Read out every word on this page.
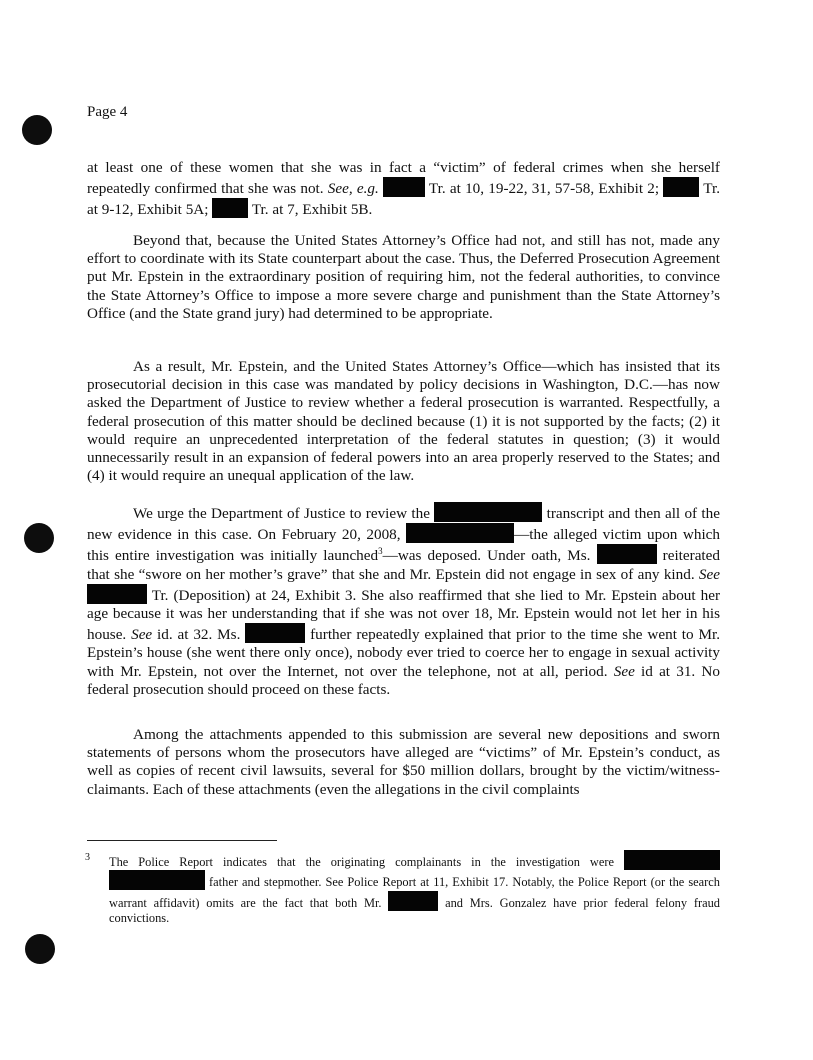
Page 4
at least one of these women that she was in fact a “victim” of federal crimes when she herself repeatedly confirmed that she was not. See, e.g.	Tr. at 10, 19-22, 31, 57-58, Exhibit 2;  Tr. at 9-12, Exhibit 5A;  Tr. at 7, Exhibit 5B.
Beyond that, because the United States Attorney’s Office had not, and still has not, made any effort to coordinate with its State counterpart about the case. Thus, the Deferred Prosecution Agreement put Mr. Epstein in the extraordinary position of requiring him, not the federal authorities, to convince the State Attorney’s Office to impose a more severe charge and punishment than the State Attorney’s Office (and the State grand jury) had determined to be appropriate.
As a result, Mr. Epstein, and the United States Attorney’s Office—which has insisted that its prosecutorial decision in this case was mandated by policy decisions in Washington, D.C.—has now asked the Department of Justice to review whether a federal prosecution is warranted. Respectfully, a federal prosecution of this matter should be declined because (1) it is not supported by the facts; (2) it would require an unprecedented interpretation of the federal statutes in question; (3) it would unnecessarily result in an expansion of federal powers into an area properly reserved to the States; and (4) it would require an unequal application of the law.
We urge the Department of Justice to review the	transcript and then all of the new evidence in this case. On February 20, 2008,	—the alleged victim upon which this entire investigation was initially launched$^3$—was deposed. Under oath, Ms.	reiterated that she “swore on her mother’s grave” that she and Mr. Epstein did not engage in sex of any kind. See  Tr. (Deposition) at 24, Exhibit 3. She also reaffirmed that she lied to Mr. Epstein about her age because it was her understanding that if she was not over 18, Mr. Epstein would not let her in his house. See id. at 32. Ms.	further repeatedly explained that prior to the time she went to Mr. Epstein’s house (she went there only once), nobody ever tried to coerce her to engage in sexual activity with Mr. Epstein, not over the Internet, not over the telephone, not at all, period. See id at 31. No federal prosecution should proceed on these facts.
Among the attachments appended to this submission are several new depositions and sworn statements of persons whom the prosecutors have alleged are “victims” of Mr. Epstein’s conduct, as well as copies of recent civil lawsuits, several for $50 million dollars, brought by the victim/witness-claimants. Each of these attachments (even the allegations in the civil complaints
3	The Police Report indicates that the originating complainants in the investigation were   father and stepmother. See Police Report at 11, Exhibit 17. Notably, the Police Report (or the search warrant affidavit) omits are the fact that both Mr.	and Mrs. Gonzalez have prior federal felony fraud convictions.
